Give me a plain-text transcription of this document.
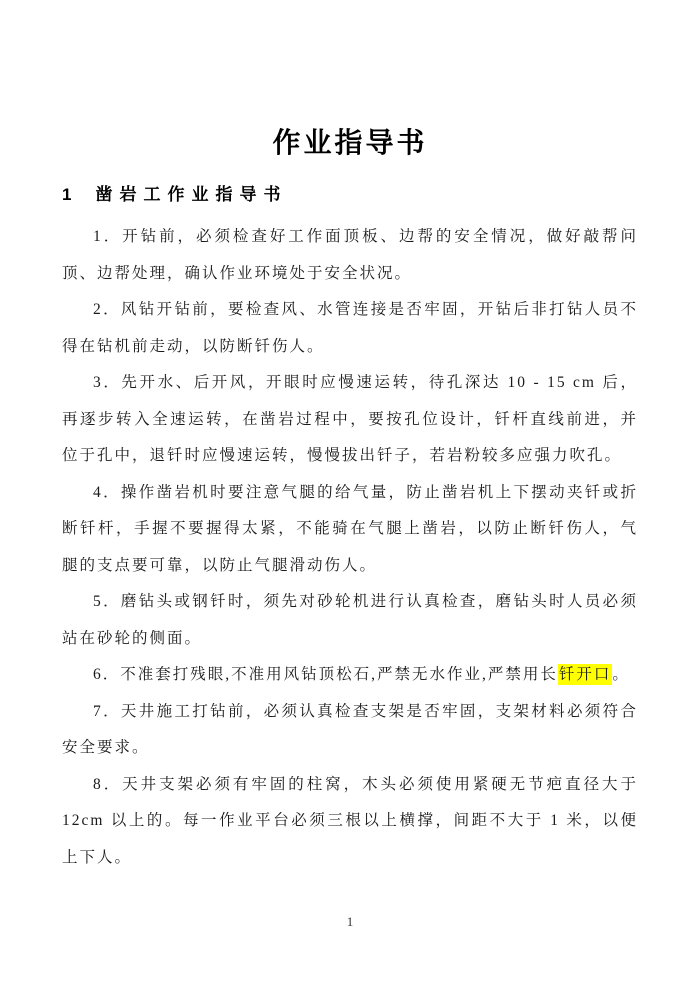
作业指导书
1 凿岩工作业指导书

1．开钻前，必须检查好工作面顶板、边帮的安全情况，做好敲帮问顶、边帮处理，确认作业环境处于安全状况。

2．风钻开钻前，要检查风、水管连接是否牢固，开钻后非打钻人员不得在钻机前走动，以防断钎伤人。

3．先开水、后开风，开眼时应慢速运转，待孔深达 10 - 15 cm 后，再逐步转入全速运转，在凿岩过程中，要按孔位设计，钎杆直线前进，并位于孔中，退钎时应慢速运转，慢慢拔出钎子，若岩粉较多应强力吹孔。

4．操作凿岩机时要注意气腿的给气量，防止凿岩机上下摆动夹钎或折断钎杆，手握不要握得太紧，不能骑在气腿上凿岩，以防止断钎伤人，气腿的支点要可靠，以防止气腿滑动伤人。

5．磨钻头或钢钎时，须先对砂轮机进行认真检查，磨钻头时人员必须站在砂轮的侧面。

6．不准套打残眼,不准用风钻顶松石,严禁无水作业,严禁用长钎开口。

7．天井施工打钻前，必须认真检查支架是否牢固，支架材料必须符合安全要求。

8．天井支架必须有牢固的柱窝，木头必须使用紧硬无节疤直径大于 12cm 以上的。每一作业平台必须三根以上横撑，间距不大于 1 米，以便上下人。

1
